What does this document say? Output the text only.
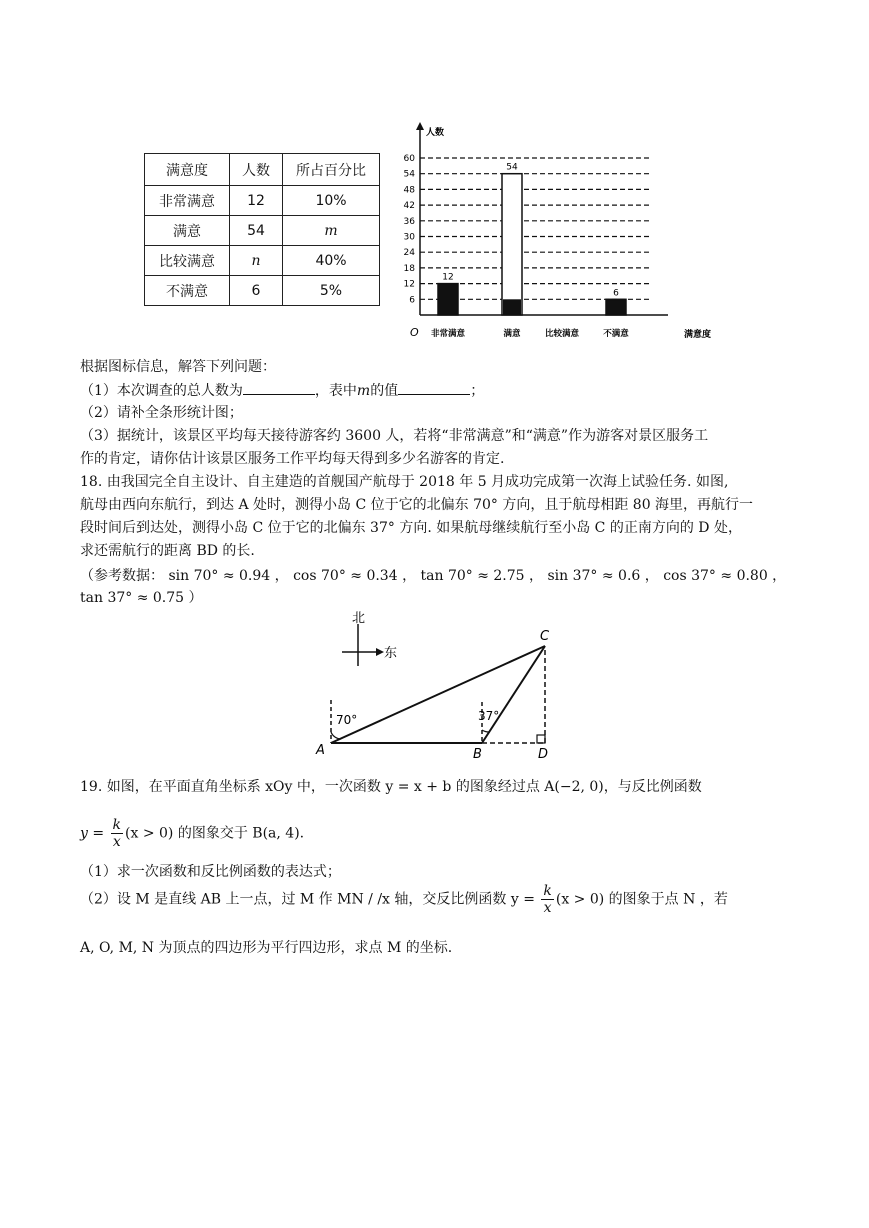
满意度	人数	所占百分比
非常满意	12	10%
满意	54	m
比较满意	n	40%
不满意	6	5%
人数
满意度
O
6
12
18
24
30
36
42
48
54
60
非常满意
12
满意
54
比较满意	不满意
6
根据图标信息，解答下列问题：
（1）本次调查的总人数为	，表中m的值	；
（2）请补全条形统计图；
（3）据统计，该景区平均每天接待游客约 3600 人，若将“非常满意”和“满意”作为游客对景区服务工
作的肯定，请你估计该景区服务工作平均每天得到多少名游客的肯定.
18. 由我国完全自主设计、自主建造的首舰国产航母于 2018 年 5 月成功完成第一次海上试验任务. 如图,
航母由西向东航行，到达 A 处时，测得小岛 C 位于它的北偏东 70° 方向，且于航母相距 80 海里，再航行一
段时间后到达处，测得小岛 C 位于它的北偏东 37° 方向. 如果航母继续航行至小岛 C 的正南方向的 D 处，
求还需航行的距离 BD 的长.
（参考数据： sin 70° ≈ 0.94 ， cos 70° ≈ 0.34 ， tan 70° ≈ 2.75 ， sin 37° ≈ 0.6 ， cos 37° ≈ 0.80 ，
tan 37° ≈ 0.75 ）
北
东
70°	37°
A	B
C
D
19. 如图，在平面直角坐标系 xOy 中，一次函数 y = x + b 的图象经过点 A(−2, 0)，与反比例函数
$y = \frac{k}{x} (x > 0)$ 的图象交于 B(a, 4).
（1）求一次函数和反比例函数的表达式；
（2）设 M 是直线 AB 上一点，过 M 作 MN / /x 轴，交反比例函数 $y = \frac{k}{x} (x > 0)$ 的图象于点 N ，若
A, O, M, N 为顶点的四边形为平行四边形，求点 M 的坐标.
